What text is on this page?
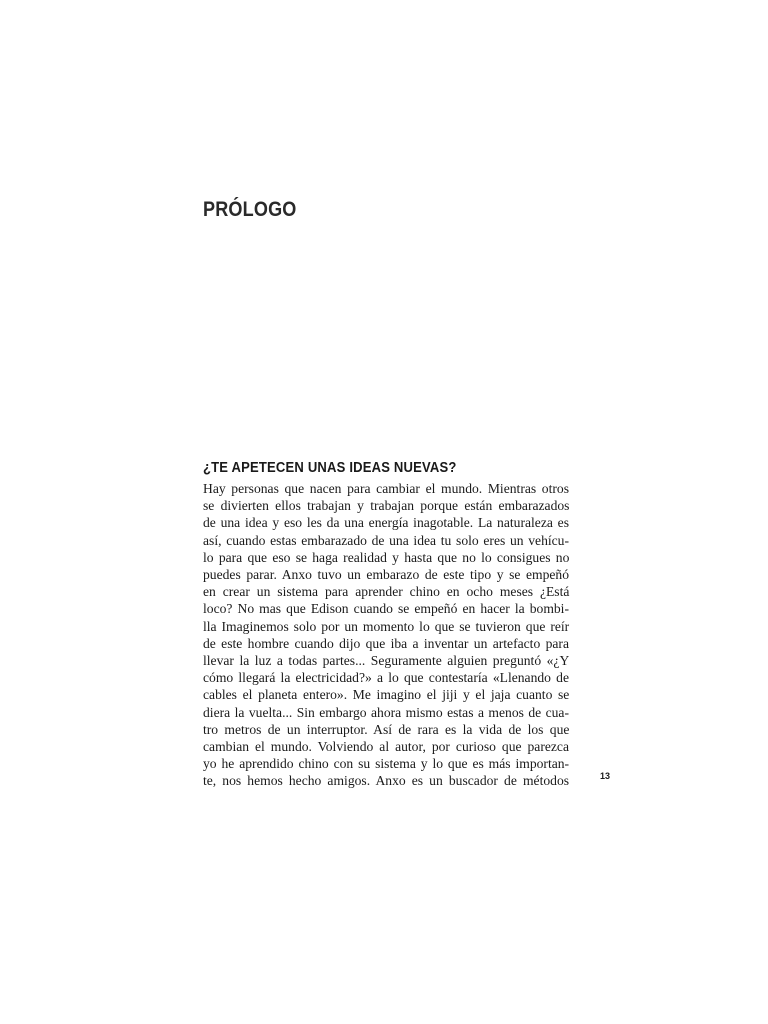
PRÓLOGO
¿TE APETECEN UNAS IDEAS NUEVAS?
Hay personas que nacen para cambiar el mundo. Mientras otros
se divierten ellos trabajan y trabajan porque están embarazados
de una idea y eso les da una energía inagotable. La naturaleza es
así, cuando estas embarazado de una idea tu solo eres un vehícu-
lo para que eso se haga realidad y hasta que no lo consigues no
puedes parar. Anxo tuvo un embarazo de este tipo y se empeñó
en crear un sistema para aprender chino en ocho meses ¿Está
loco? No mas que Edison cuando se empeñó en hacer la bombi-
lla Imaginemos solo por un momento lo que se tuvieron que reír
de este hombre cuando dijo que iba a inventar un artefacto para
llevar la luz a todas partes... Seguramente alguien preguntó «¿Y
cómo llegará la electricidad?» a lo que contestaría «Llenando de
cables el planeta entero». Me imagino el jiji y el jaja cuanto se
diera la vuelta... Sin embargo ahora mismo estas a menos de cua-
tro metros de un interruptor. Así de rara es la vida de los que
cambian el mundo. Volviendo al autor, por curioso que parezca
yo he aprendido chino con su sistema y lo que es más importan-
te, nos hemos hecho amigos. Anxo es un buscador de métodos	13
